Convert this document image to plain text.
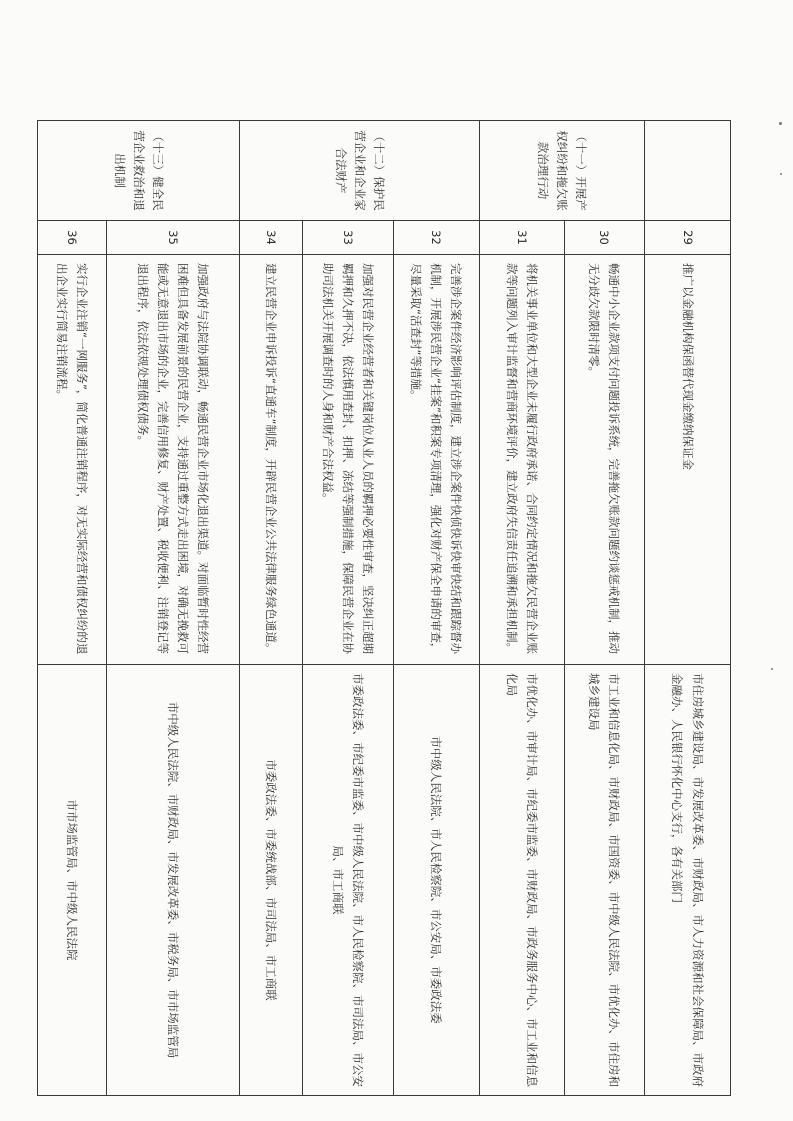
	29	推广以金融机构保函替代现金缴纳保证金	市住房城乡建设局、市发展改革委、市财政局、市人力资源和社会保障局、市政府金融办、人民银行怀化中心支行，各有关部门
（十一）开展产权纠纷和拖欠账款治理行动	30	畅通中小企业款项支付问题投诉系统，完善拖欠账款问题约谈惩戒机制，推动无分歧欠款限时清零。	市工业和信息化局、市财政局、市国资委、市中级人民法院、市优化办、市住房和城乡建设局
	31	将机关事业单位和大型企业未履行政府承诺、合同约定情况和拖欠民营企业账款等问题列入审计监督和营商环境评价，建立政府失信责任追溯和承担机制。	市优化办、市审计局、市纪委市监委、市财政局、市政务服务中心、市工业和信息化局
（十二）保护民营企业和企业家合法财产	32	完善涉企案件经济影响评估制度，建立涉企案件快侦快诉快审快结和跟踪督办机制，开展涉民营企业“挂案”和积案专项清理，强化对财产保全申请的审查，尽量采取“活查封”等措施。	市中级人民法院、市人民检察院、市公安局、市委政法委
	33	加强对民营企业经营者和关键岗位从业人员的羁押必要性审查，坚决纠正超期羁押和久押不决，依法慎用查封、扣押、冻结等强制措施，保障民营企业在协助司法机关开展调查时的人身和财产合法权益。	市委政法委、市纪委市监委、市中级人民法院、市人民检察院、市司法局、市公安局、市工商联
	34	建立民营企业申诉投诉“直通车”制度，开辟民营企业公共法律服务绿色通道。	市委政法委、市委统战部、市司法局、市工商联
（十三）健全民营企业救治和退出机制	35	加强政府与法院协调联动，畅通民营企业市场化退出渠道。对面临暂时性经营困难但具备发展前景的民营企业，支持通过重整方式走出困境，对确无挽救可能或无意退出市场的企业，完善信用修复、财产处置、税收便利、注销登记等退出程序，依法依规处理债权债务。	市中级人民法院、市财政局、市发展改革委、市税务局、市市场监管局
	36	实行企业注销“一网服务”，简化普通注销程序，对无实际经营和债权纠纷的退出企业实行简易注销流程。	市市场监管局、市中级人民法院
